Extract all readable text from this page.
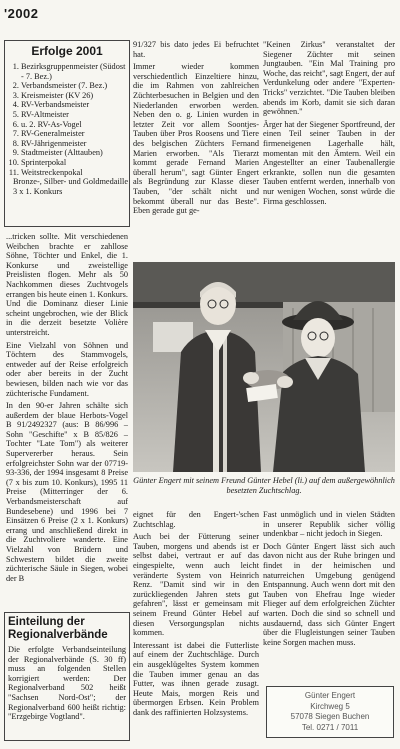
'2002
Erfolge 2001
1. Bezirksgruppenmeister (Südost - 7. Bez.)
2. Verbandsmeister (7. Bez.)
3. Kreismeister (KV 26)
4. RV-Verbandsmeister
5. RV-Altmeister
6. u. 2. RV-As-Vogel
7. RV-Generalmeister
8. RV-Jährigenmeister
9. Stadtmeister (Alttauben)
10. Sprinterpokal
11. Weitstreckenpokal
Bronze-, Silber- und Goldmedaille
3 x 1. Konkurs

...tricken sollte. Mit verschiedenen Weibchen brachte er zahllose Söhne, Töchter und Enkel, die 1. Konkurse und zweistellige Preislisten flogen. Mehr als 50 Nachkommen dieses Zuchtvogels errangen bis heute einen 1. Konkurs. Und die Dominanz dieser Linie scheint ungebrochen, wie der Blick in die derzeit besetzte Volière unterstreicht.

Eine Vielzahl von Söhnen und Töchtern des Stammvogels, entweder auf der Reise erfolgreich oder aber bereits in der Zucht bewiesen, bilden nach wie vor das züchterische Fundament.

In den 90-er Jahren schälte sich außerdem der blaue Herbots-Vogel B 91/2492327 (aus: B 86/996 – Sohn "Geschifte" x B 85/826 – Tochter "Late Tom") als weiterer Supervererber heraus. Sein erfolgreichster Sohn war der 07719-93-336, der 1994 insgesamt 8 Preise (7 x bis zum 10. Konkurs), 1995 11 Preise (Mitterringer der 6. Verbandsmeisterschaft auf Bundesebene) und 1996 bei 7 Einsätzen 6 Preise (2 x 1. Konkurs) errang und anschließend direkt in die Zuchtvoliere wanderte. Eine Vielzahl von Brüdern und Schwestern bildet die zweite züchterische Säule in Siegen, wobei der B

91/327 bis dato jedes Ei befruchtet hat.

Immer wieder kommen verschiedentlich Einzeltiere hinzu, die im Rahmen von zahlreichen Züchterbesuchen in Belgien und den Niederlanden erworben werden. Neben den o. g. Linien wurden in letzter Zeit vor allem Soontjes-Tauben über Pros Roosens und Tiere des belgischen Züchters Fernand Marien erworben. "Als Tierarzt kommt gerade Fernand Marien überall herum", sagt Günter Engert als Begründung zur Klasse dieser Tauben, "der schält nicht und bekommt überall nur das Beste". Eben gerade gut ge-

"Keinen Zirkus" veranstaltet der Siegener Züchter mit seinen Jungtauben. "Ein Mal Training pro Woche, das reicht", sagt Engert, der auf Verdunkelung oder andere "Experten-Tricks" verzichtet. "Die Tauben bleiben abends im Korb, damit sie sich daran gewöhnen."

Ärger hat der Siegener Sportfreund, der einen Teil seiner Tauben in der firmeneigenen Lagerhalle hält, momentan mit den Ämtern. Weil ein Angestellter an einer Taubenallergie erkrankte, sollen nun die gesamten Tauben entfernt werden, innerhalb von nur wenigen Wochen, sonst würde die Firma geschlossen.

Günter Engert mit seinem Freund Günter Hebel (li.) auf dem außergewöhnlich besetzten Zuchtschlag.

eignet für den Engert-'schen Zuchtschlag.

Auch bei der Fütterung seiner Tauben, morgens und abends ist er selbst dabei, vertraut er auf das eingespielte, wenn auch leicht veränderte System von Heinrich Renz. "Damit sind wir in den zurückliegenden Jahren stets gut gefahren", lässt er gemeinsam mit seinem Freund Günter Hebel auf diesen Versorgungsplan nichts kommen.

Interessant ist dabei die Futterliste auf einem der Zuchtschläge. Durch ein ausgeklügeltes System kommen die Tauben immer genau an das Futter, was ihnen gerade zusagt. Heute Mais, morgen Reis und übermorgen Erbsen. Kein Problem dank des raffinierten Holzsystems.

Fast unmöglich und in vielen Städten in unserer Republik sicher völlig undenkbar – nicht jedoch in Siegen.

Doch Günter Engert lässt sich auch davon nicht aus der Ruhe bringen und findet in der heimischen und naturreichen Umgebung genügend Entspannung. Auch wenn dort mit den Tauben von Ehefrau Inge wieder Flieger auf dem erfolgreichen Züchter warten. Doch die sind so schnell und ausdauernd, dass sich Günter Engert über die Flugleistungen seiner Tauben keine Sorgen machen muss.

Einteilung der Regionalverbände
Die erfolgte Verbandseinteilung der Regionalverbände (S. 30 ff) muss an folgenden Stellen korrigiert werden: Der Regionalverband 502 heißt "Sachsen Nord-Ost"; der Regionalverband 600 heißt richtig: "Erzgebirge Vogtland".
Günter Engert
Kirchweg 5
57078 Siegen Buchen
Tel. 0271 / 7011
